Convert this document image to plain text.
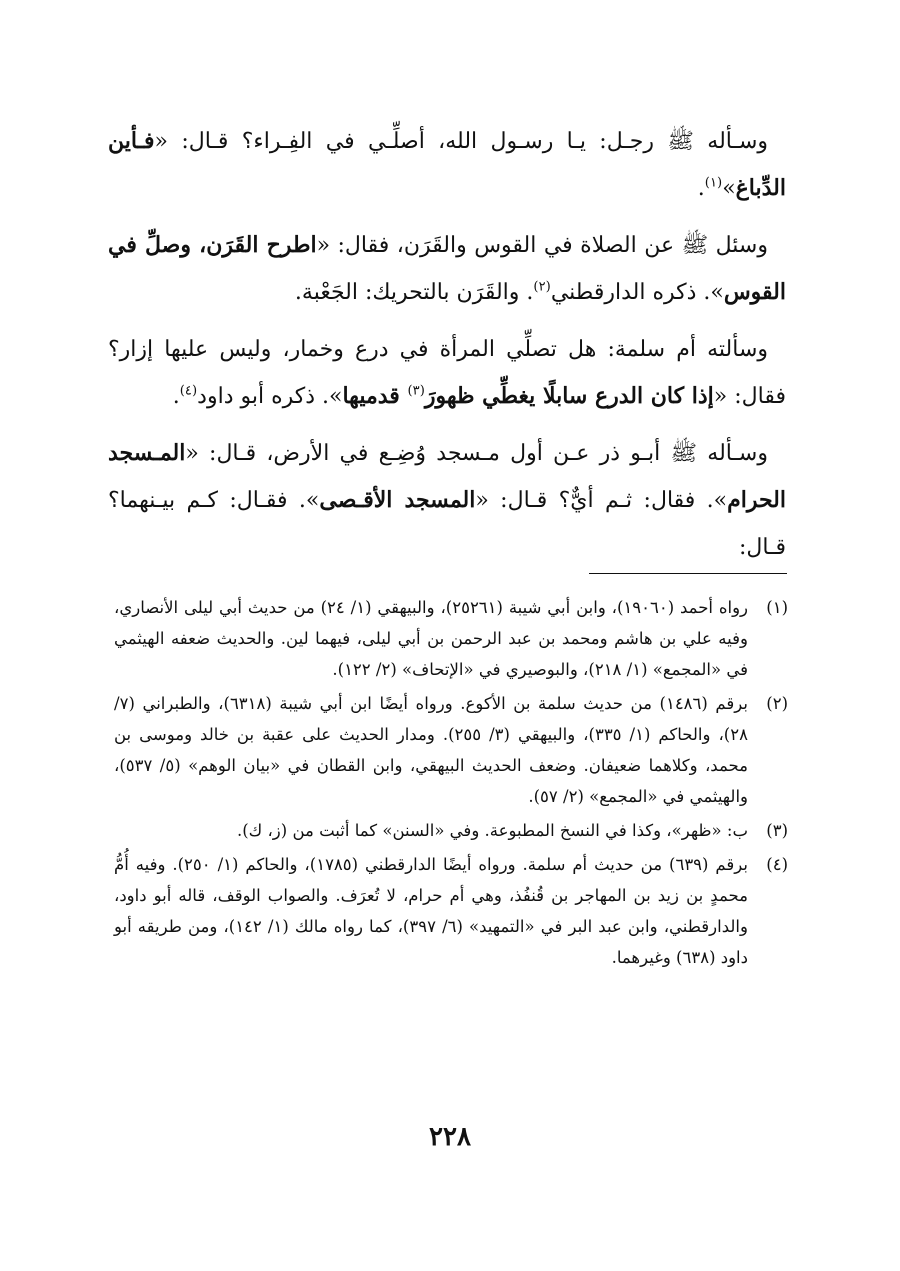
وسـأله ﷺ رجـل: يـا رسـول الله، أصلِّـي في الفِـراء؟ قـال: «فـأين الدِّباغ»$^{(١)}$.

وسئل ﷺ عن الصلاة في القوس والقَرَن، فقال: «اطرح القَرَن، وصلِّ في القوس». ذكره الدارقطني$^{(٢)}$. والقَرَن بالتحريك: الجَعْبة.

وسألته أم سلمة: هل تصلِّي المرأة في درع وخمار، وليس عليها إزار؟ فقال: «إذا كان الدرع سابلًا يغطِّي ظهورَ$^{(٣)}$ قدميها». ذكره أبو داود$^{(٤)}$.

وسـأله ﷺ أبـو ذر عـن أول مـسجد وُضِـع في الأرض، قـال: «المـسجد الحرام». فقال: ثـم أيٌّ؟ قـال: «المسجد الأقـصى». فقـال: كـم بيـنهما؟ قـال:

(١)
رواه أحمد (١٩٠٦٠)، وابن أبي شيبة (٢٥٢٦١)، والبيهقي (١/ ٢٤) من حديث أبي ليلى الأنصاري، وفيه علي بن هاشم ومحمد بن عبد الرحمن بن أبي ليلى، فيهما لين. والحديث ضعفه الهيثمي في «المجمع» (١/ ٢١٨)، والبوصيري في «الإتحاف» (٢/ ١٢٢).
(٢)
برقم (١٤٨٦) من حديث سلمة بن الأكوع. ورواه أيضًا ابن أبي شيبة (٦٣١٨)، والطبراني (٧/ ٢٨)، والحاكم (١/ ٣٣٥)، والبيهقي (٣/ ٢٥٥). ومدار الحديث على عقبة بن خالد وموسى بن محمد، وكلاهما ضعيفان. وضعف الحديث البيهقي، وابن القطان في «بيان الوهم» (٥/ ٥٣٧)، والهيثمي في «المجمع» (٢/ ٥٧).
(٣)
ب: «ظهر»، وكذا في النسخ المطبوعة. وفي «السنن» كما أثبت من (ز، ك).
(٤)
برقم (٦٣٩) من حديث أم سلمة. ورواه أيضًا الدارقطني (١٧٨٥)، والحاكم (١/ ٢٥٠). وفيه أُمُّ محمدٍ بن زيد بن المهاجر بن قُنفُذ، وهي أم حرام، لا تُعرَف. والصواب الوقف، قاله أبو داود، والدارقطني، وابن عبد البر في «التمهيد» (٦/ ٣٩٧)، كما رواه مالك (١/ ١٤٢)، ومن طريقه أبو داود (٦٣٨) وغيرهما.
٢٢٨
